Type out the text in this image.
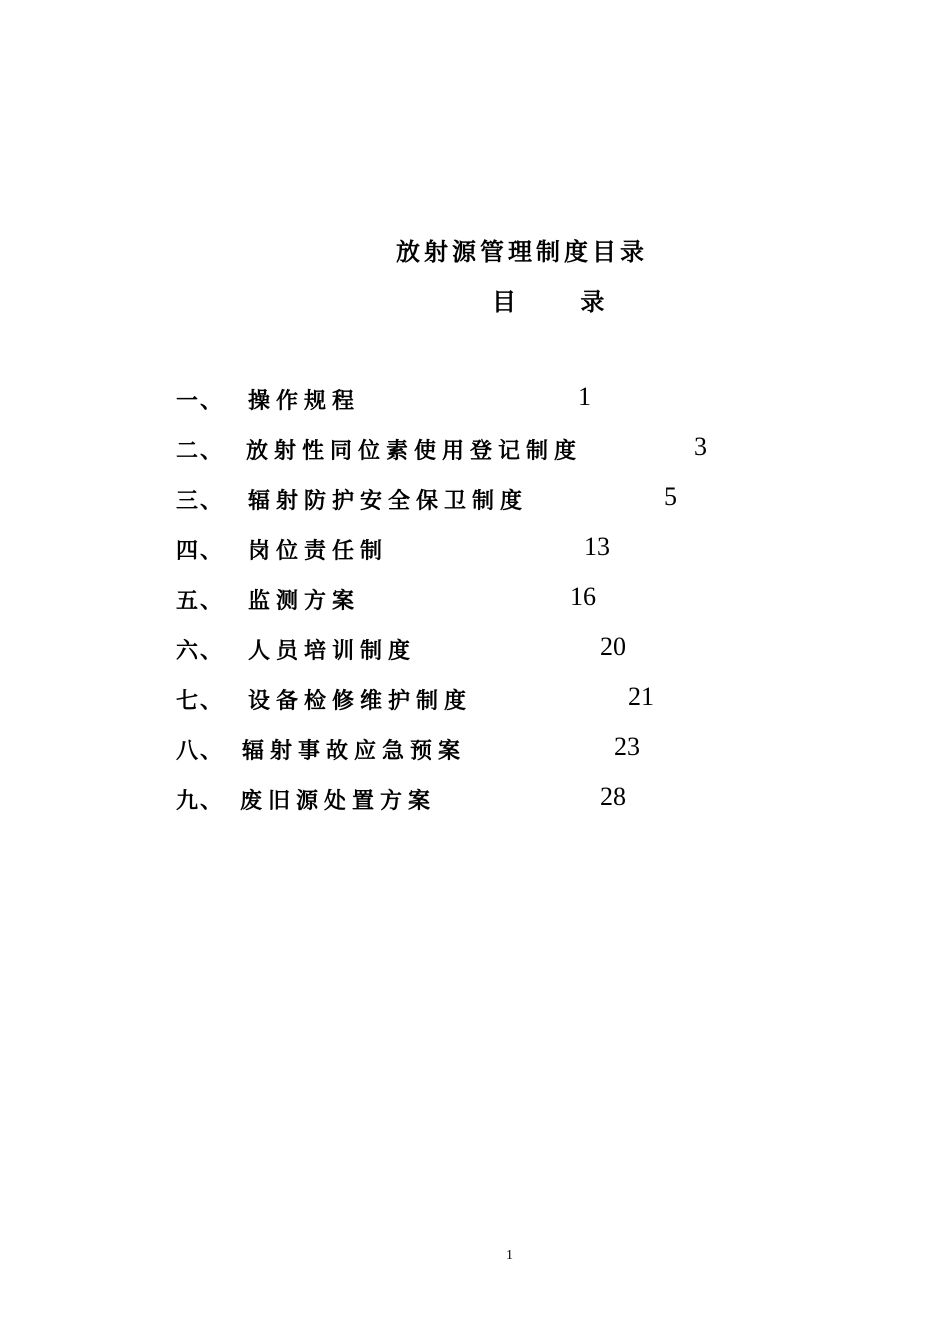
放射源管理制度目录
目 录
一、 操作规程	1
二、 放射性同位素使用登记制度	3
三、 辐射防护安全保卫制度	5
四、 岗位责任制	13
五、 监测方案	16
六、 人员培训制度	20
七、 设备检修维护制度	21
八、 辐射事故应急预案	23
九、 废旧源处置方案	28
1
